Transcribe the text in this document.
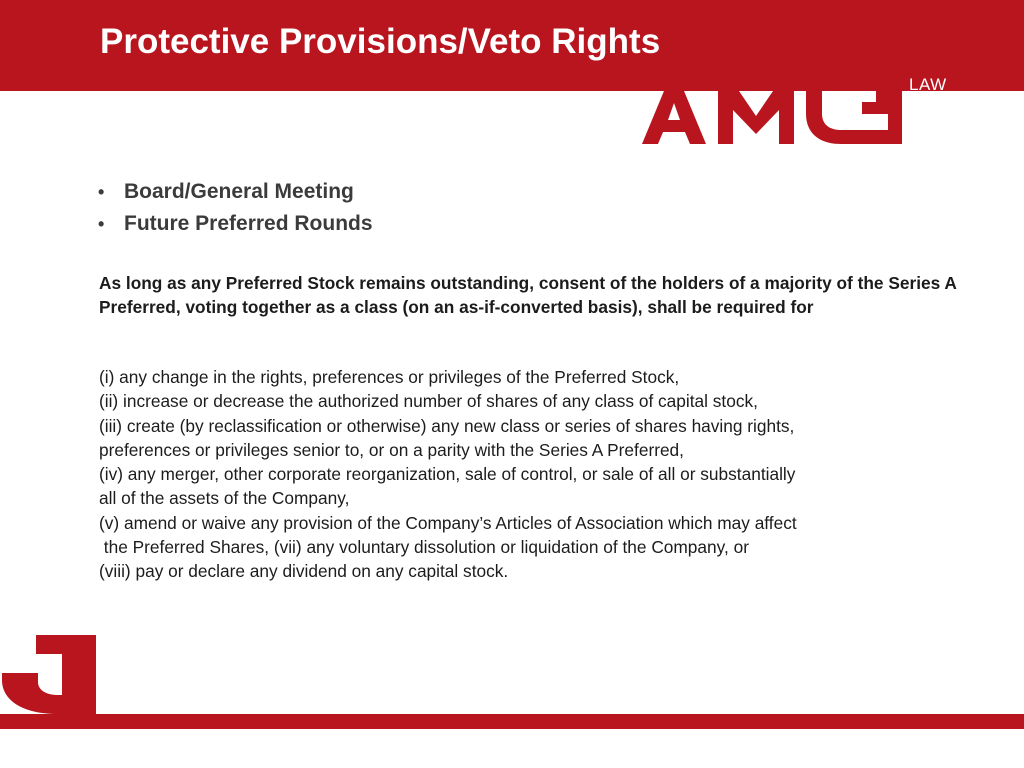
Protective Provisions/Veto Rights
LAW
• Board/General Meeting
• Future Preferred Rounds

As long as any Preferred Stock remains outstanding, consent of the holders of a majority of the Series A Preferred, voting together as a class (on an as-if-converted basis), shall be required for

(i) any change in the rights, preferences or privileges of the Preferred Stock,
(ii) increase or decrease the authorized number of shares of any class of capital stock,
(iii) create (by reclassification or otherwise) any new class or series of shares having rights,
preferences or privileges senior to, or on a parity with the Series A Preferred,
(iv) any merger, other corporate reorganization, sale of control, or sale of all or substantially
all of the assets of the Company,
(v) amend or waive any provision of the Company’s Articles of Association which may affect
the Preferred Shares, (vii) any voluntary dissolution or liquidation of the Company, or
(viii) pay or declare any dividend on any capital stock.
